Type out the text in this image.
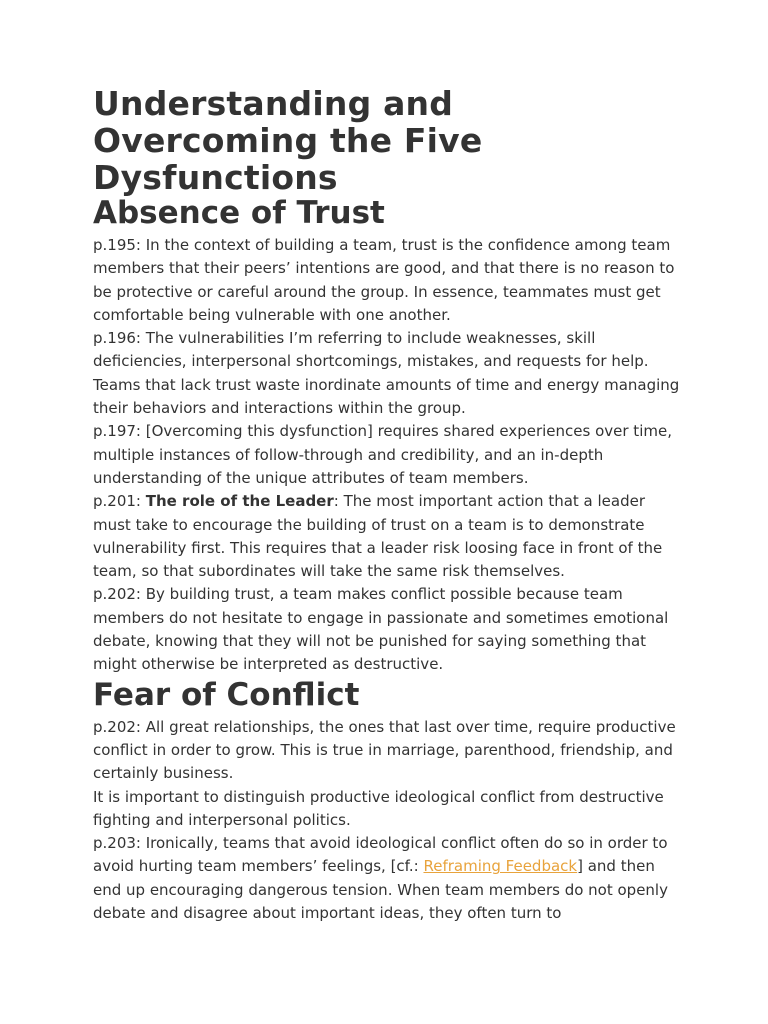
Understanding and Overcoming the Five Dysfunctions
Absence of Trust

p.195: In the context of building a team, trust is the confidence among team members that their peers’ intentions are good, and that there is no reason to be protective or careful around the group. In essence, teammates must get comfortable being vulnerable with one another.

p.196: The vulnerabilities I’m referring to include weaknesses, skill deficiencies, interpersonal shortcomings, mistakes, and requests for help.

Teams that lack trust waste inordinate amounts of time and energy managing their behaviors and interactions within the group.

p.197: [Overcoming this dysfunction] requires shared experiences over time, multiple instances of follow-through and credibility, and an in-depth understanding of the unique attributes of team members.

p.201: The role of the Leader: The most important action that a leader must take to encourage the building of trust on a team is to demonstrate vulnerability first. This requires that a leader risk loosing face in front of the team, so that subordinates will take the same risk themselves.

p.202: By building trust, a team makes conflict possible because team members do not hesitate to engage in passionate and sometimes emotional debate, knowing that they will not be punished for saying something that might otherwise be interpreted as destructive.

Fear of Conflict

p.202: All great relationships, the ones that last over time, require productive conflict in order to grow. This is true in marriage, parenthood, friendship, and certainly business.

It is important to distinguish productive ideological conflict from destructive fighting and interpersonal politics.

p.203: Ironically, teams that avoid ideological conflict often do so in order to avoid hurting team members’ feelings, [cf.: Reframing Feedback] and then end up encouraging dangerous tension. When team members do not openly debate and disagree about important ideas, they often turn to
